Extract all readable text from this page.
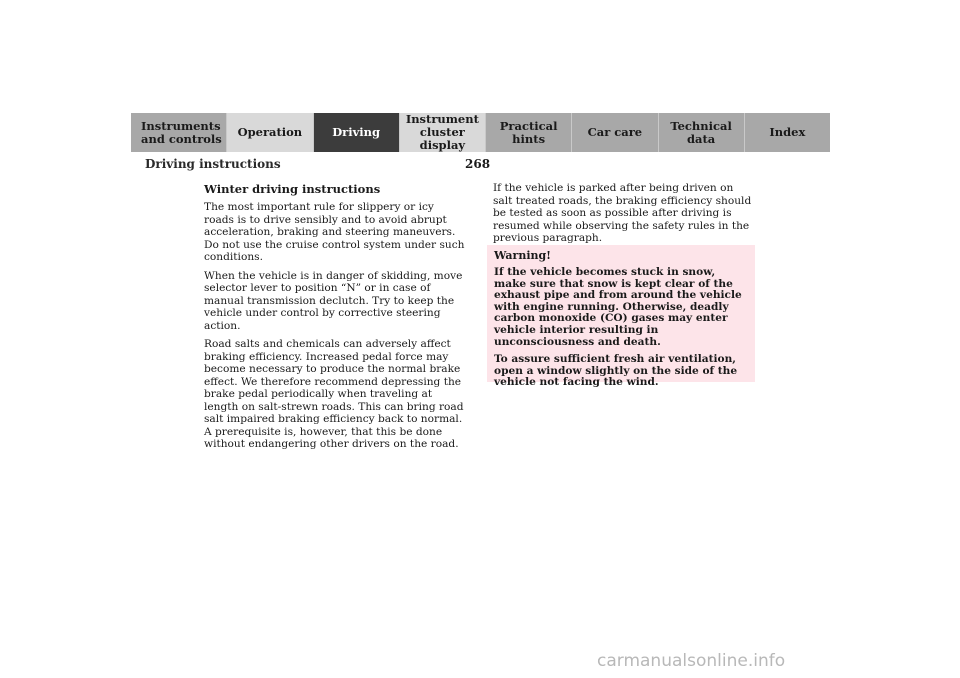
Instruments
and controls	Operation	Driving
Instrument
cluster display
Practical hints	Car care	Technical
data	Index
Driving instructions	268
Winter driving instructions

The most important rule for slippery or icy roads is to drive sensibly and to avoid abrupt acceleration, braking and steering maneuvers. Do not use the cruise control system under such conditions.

When the vehicle is in danger of skidding, move selector lever to position “N” or in case of manual transmission declutch. Try to keep the vehicle under control by corrective steering action.

Road salts and chemicals can adversely affect braking efficiency. Increased pedal force may become necessary to produce the normal brake effect. We therefore recommend depressing the brake pedal periodically when traveling at length on salt-strewn roads. This can bring road salt impaired braking efficiency back to normal. A prerequisite is, however, that this be done without endangering other drivers on the road.

If the vehicle is parked after being driven on salt treated roads, the braking efficiency should be tested as soon as possible after driving is resumed while observing the safety rules in the previous paragraph.

Warning!

If the vehicle becomes stuck in snow, make sure that snow is kept clear of the exhaust pipe and from around the vehicle with engine running. Otherwise, deadly carbon monoxide (CO) gases may enter vehicle interior resulting in unconsciousness and death.

To assure sufficient fresh air ventilation, open a window slightly on the side of the vehicle not facing the wind.

carmanualsonline.info
